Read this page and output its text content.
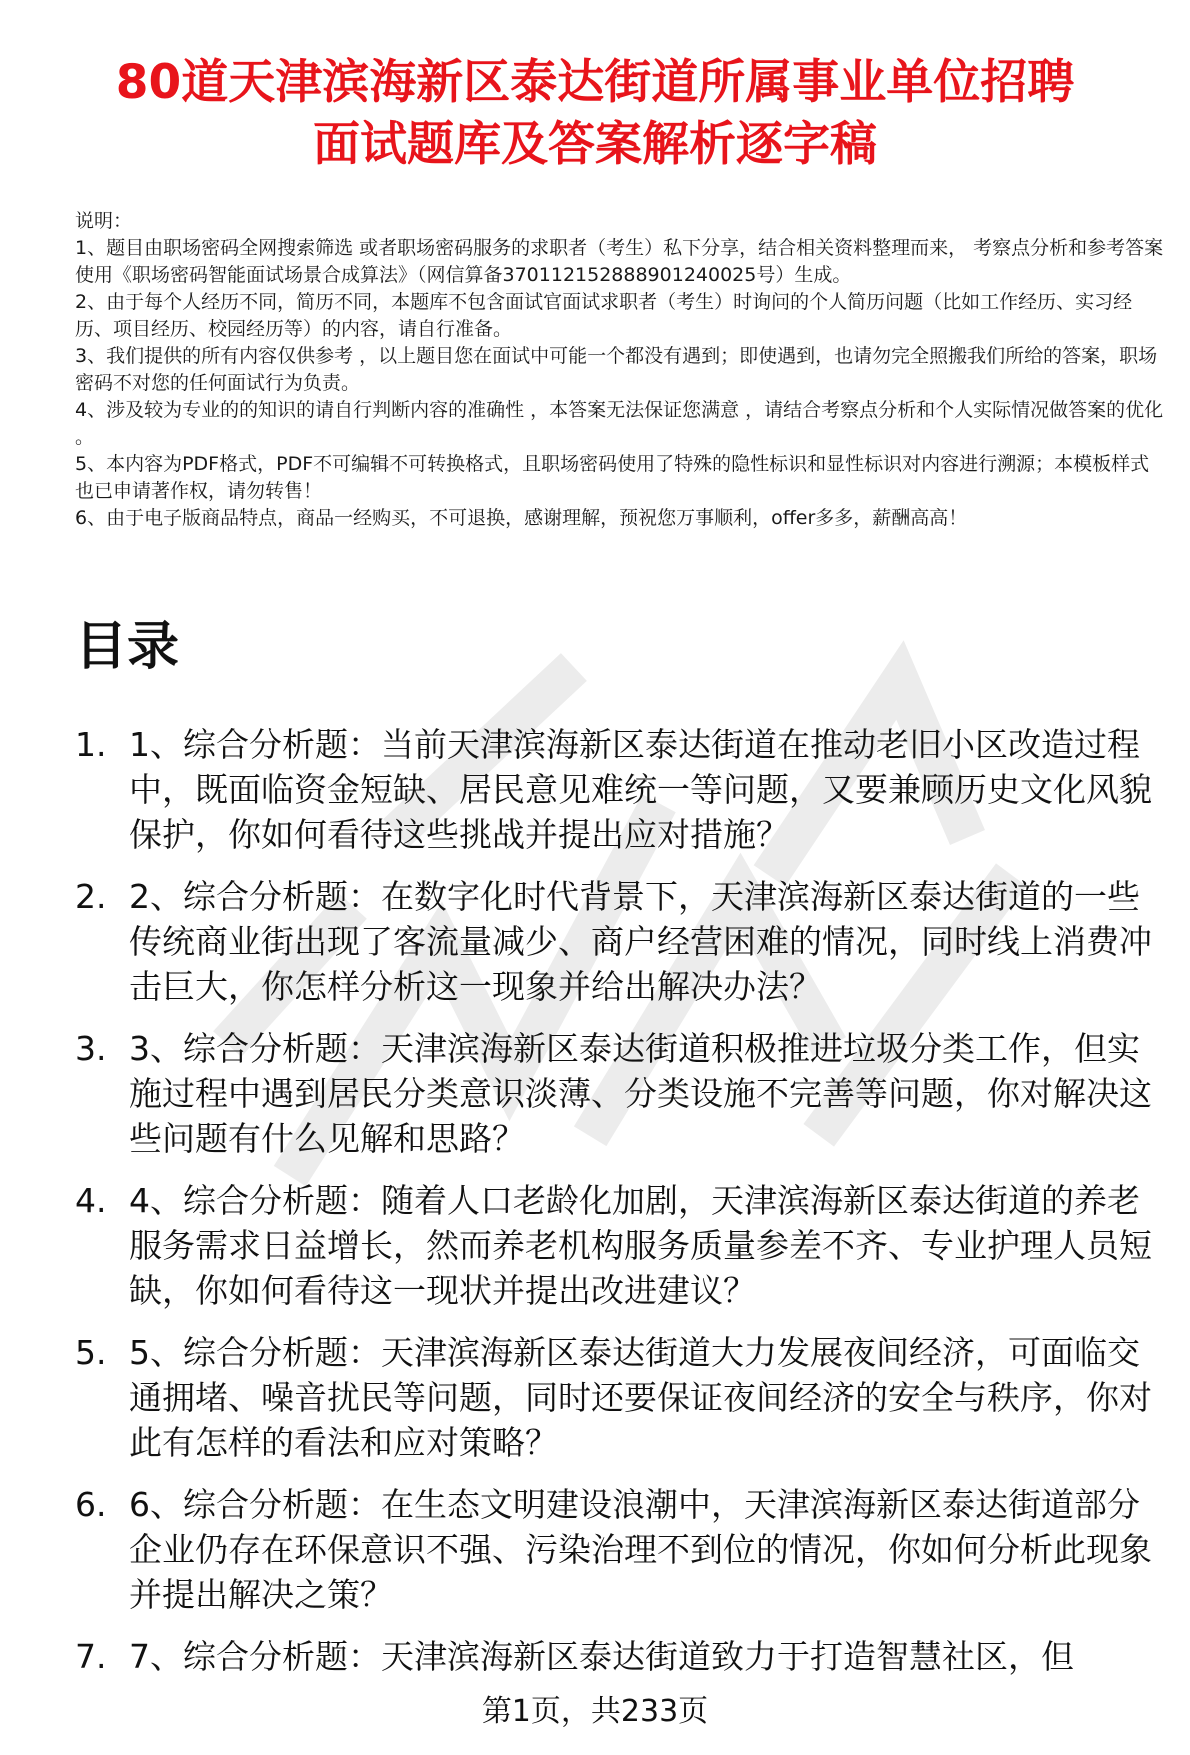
80道天津滨海新区泰达街道所属事业单位招聘
面试题库及答案解析逐字稿

说明：

1、题目由职场密码全网搜索筛选 或者职场密码服务的求职者（考生）私下分享，结合相关资料整理而来， 考察点分析和参考答案使用《职场密码智能面试场景合成算法》（网信算备370112152888901240025号）生成。

2、由于每个人经历不同，简历不同，本题库不包含面试官面试求职者（考生）时询问的个人简历问题（比如工作经历、实习经历、项目经历、校园经历等）的内容，请自行准备。

3、我们提供的所有内容仅供参考 ，以上题目您在面试中可能一个都没有遇到；即使遇到，也请勿完全照搬我们所给的答案，职场密码不对您的任何面试行为负责。

4、涉及较为专业的的知识的请自行判断内容的准确性 ，本答案无法保证您满意 ，请结合考察点分析和个人实际情况做答案的优化 。

5、本内容为PDF格式，PDF不可编辑不可转换格式，且职场密码使用了特殊的隐性标识和显性标识对内容进行溯源；本模板样式也已申请著作权，请勿转售！

6、由于电子版商品特点，商品一经购买，不可退换，感谢理解，预祝您万事顺利，offer多多，薪酬高高！

目录
1. 1、综合分析题：当前天津滨海新区泰达街道在推动老旧小区改造过程中，既面临资金短缺、居民意见难统一等问题，又要兼顾历史文化风貌保护，你如何看待这些挑战并提出应对措施？
2. 2、综合分析题：在数字化时代背景下，天津滨海新区泰达街道的一些传统商业街出现了客流量减少、商户经营困难的情况，同时线上消费冲击巨大，你怎样分析这一现象并给出解决办法？
3. 3、综合分析题：天津滨海新区泰达街道积极推进垃圾分类工作，但实施过程中遇到居民分类意识淡薄、分类设施不完善等问题，你对解决这些问题有什么见解和思路？
4. 4、综合分析题：随着人口老龄化加剧，天津滨海新区泰达街道的养老服务需求日益增长，然而养老机构服务质量参差不齐、专业护理人员短缺，你如何看待这一现状并提出改进建议？
5. 5、综合分析题：天津滨海新区泰达街道大力发展夜间经济，可面临交通拥堵、噪音扰民等问题，同时还要保证夜间经济的安全与秩序，你对此有怎样的看法和应对策略？
6. 6、综合分析题：在生态文明建设浪潮中，天津滨海新区泰达街道部分企业仍存在环保意识不强、污染治理不到位的情况，你如何分析此现象并提出解决之策？
7. 7、综合分析题：天津滨海新区泰达街道致力于打造智慧社区，但
第1页，共233页
